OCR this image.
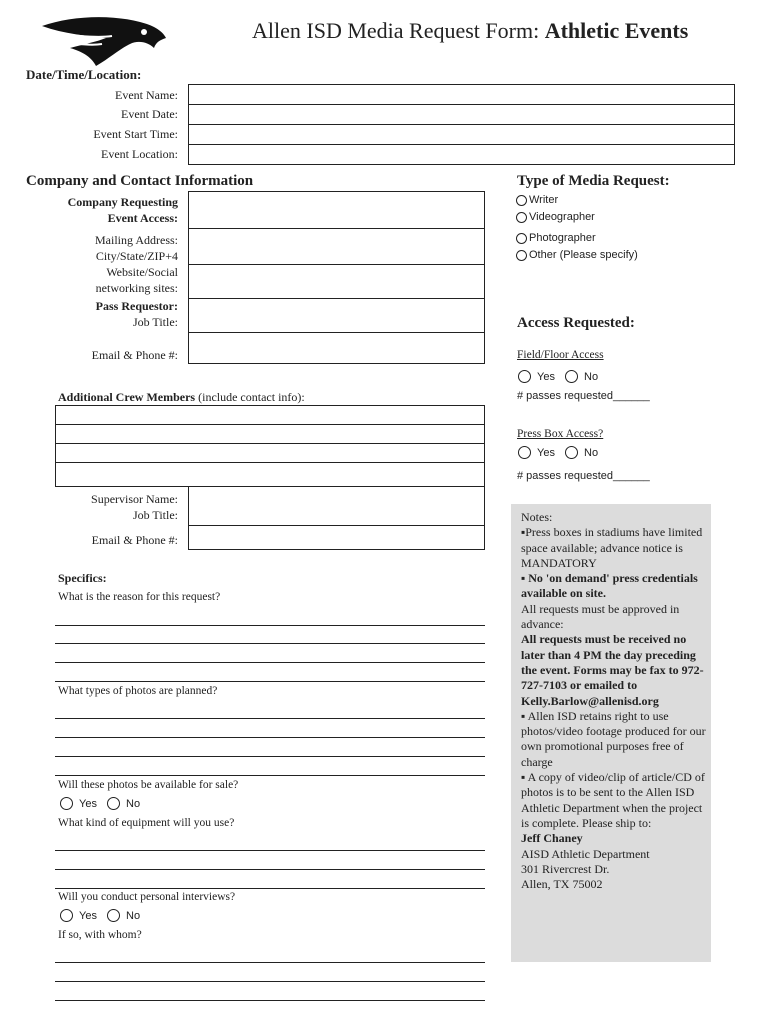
Allen ISD Media Request Form: Athletic Events
Date/Time/Location:
Event Name:
Event Date:
Event Start Time:
Event Location:
Company and Contact Information
Company Requesting
Event Access:
Mailing Address:
City/State/ZIP+4
Website/Social
networking sites:
Pass Requestor:
Job Title:
Email & Phone #:
Additional Crew Members (include contact info):
Supervisor Name:
Job Title:
Email & Phone #:
Specifics:
What is the reason for this request?
What types of photos are planned?
Will these photos be available for sale?
Yes	No
What kind of equipment will you use?
Will you conduct personal interviews?
Yes	No
If so, with whom?
Type of Media Request:
Writer
Videographer
Photographer
Other (Please specify)
Access Requested:
Field/Floor Access
Yes	No
# passes requested______
Press Box Access?
Yes	No
# passes requested______

Notes:

▪Press boxes in stadiums have limited space available; advance notice is MANDATORY

▪ No 'on demand' press credentials available on site.

All requests must be approved in advance:

All requests must be received no later than 4 PM the day preceding the event. Forms may be fax to 972-727-7103 or emailed to Kelly.Barlow@allenisd.org

▪ Allen ISD retains right to use photos/video footage produced for our own promotional purposes free of charge

▪ A copy of video/clip of article/CD of photos is to be sent to the Allen ISD Athletic Department when the project is complete. Please ship to:

Jeff Chaney

AISD Athletic Department

301 Rivercrest Dr.

Allen, TX 75002
